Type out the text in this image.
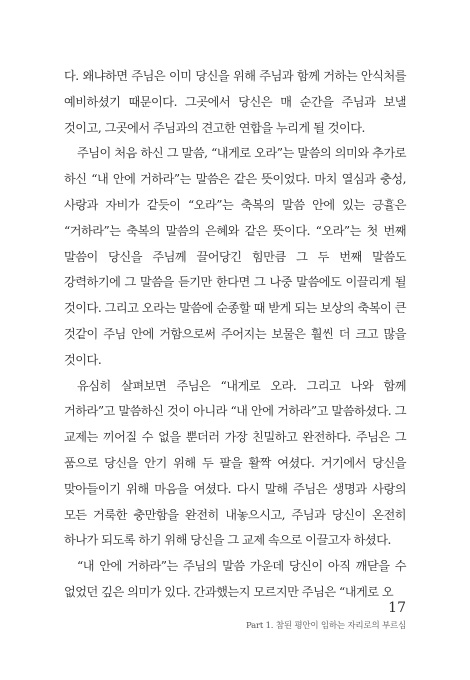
다. 왜냐하면 주님은 이미 당신을 위해 주님과 함께 거하는 안식처를 예비하셨기 때문이다. 그곳에서 당신은 매 순간을 주님과 보낼 것이고, 그곳에서 주님과의 견고한 연합을 누리게 될 것이다.

주님이 처음 하신 그 말씀, “내게로 오라”는 말씀의 의미와 추가로 하신 “내 안에 거하라”는 말씀은 같은 뜻이었다. 마치 열심과 충성, 사랑과 자비가 같듯이 “오라”는 축복의 말씀 안에 있는 긍휼은 “거하라”는 축복의 말씀의 은혜와 같은 뜻이다. “오라”는 첫 번째 말씀이 당신을 주님께 끌어당긴 힘만큼 그 두 번째 말씀도 강력하기에 그 말씀을 듣기만 한다면 그 나중 말씀에도 이끌리게 될 것이다. 그리고 오라는 말씀에 순종할 때 받게 되는 보상의 축복이 큰 것같이 주님 안에 거함으로써 주어지는 보물은 훨씬 더 크고 많을 것이다.

유심히 살펴보면 주님은 “내게로 오라. 그리고 나와 함께 거하라”고 말씀하신 것이 아니라 “내 안에 거하라”고 말씀하셨다. 그 교제는 끼어질 수 없을 뿐더러 가장 친밀하고 완전하다. 주님은 그 품으로 당신을 안기 위해 두 팔을 활짝 여셨다. 거기에서 당신을 맞아들이기 위해 마음을 여셨다. 다시 말해 주님은 생명과 사랑의 모든 거룩한 충만함을 완전히 내놓으시고, 주님과 당신이 온전히 하나가 되도록 하기 위해 당신을 그 교제 속으로 이끌고자 하셨다.

“내 안에 거하라”는 주님의 말씀 가운데 당신이 아직 깨닫을 수 없었던 깊은 의미가 있다. 간과했는지 모르지만 주님은 “내게로 오

17
Part 1. 참된 평안이 임하는 자리로의 부르심
